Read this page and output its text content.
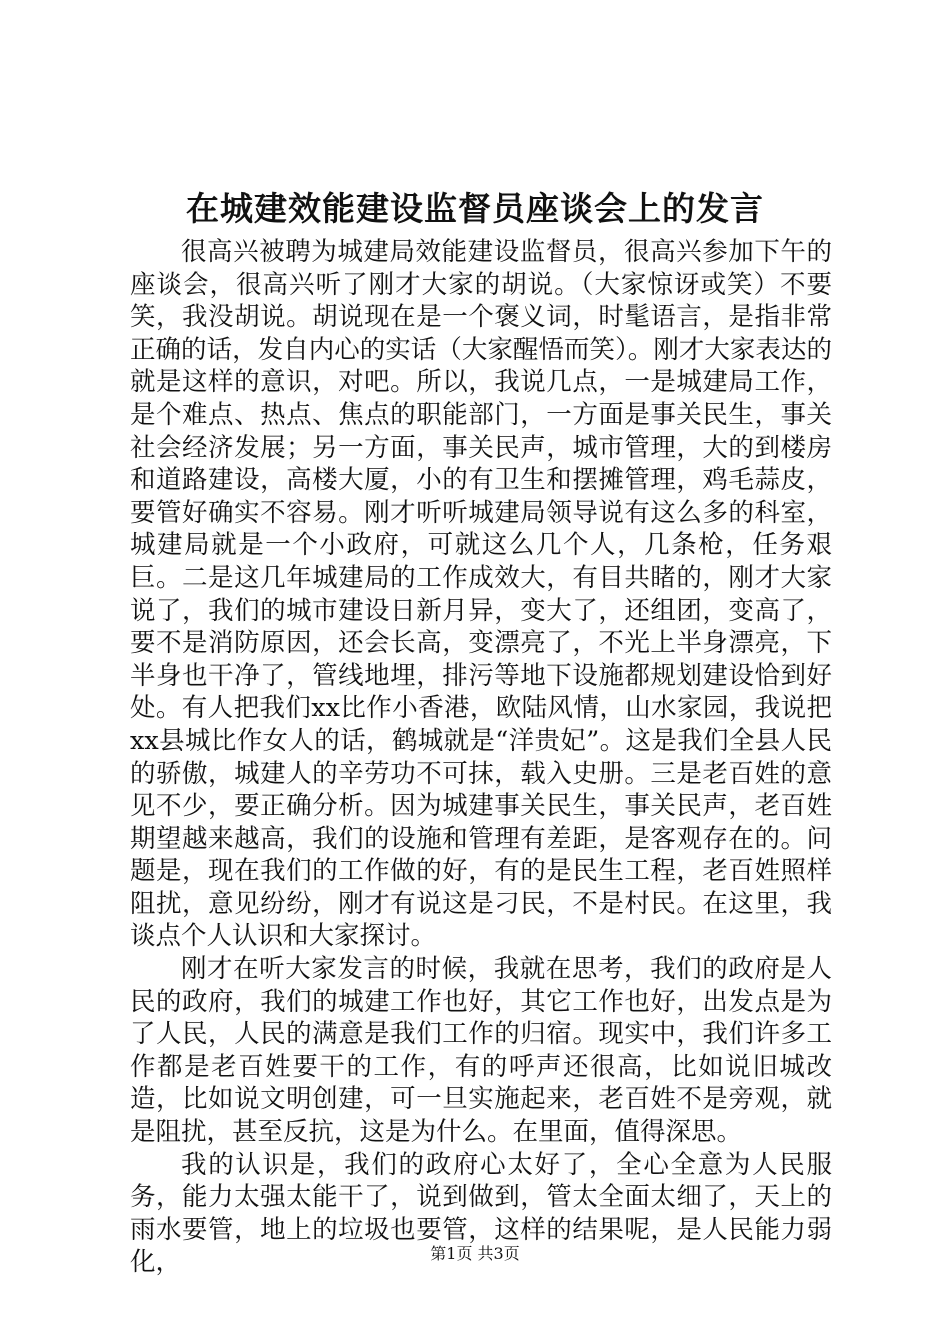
在城建效能建设监督员座谈会上的发言

很高兴被聘为城建局效能建设监督员，很高兴参加下午的座谈会，很高兴听了刚才大家的胡说。（大家惊讶或笑）不要笑，我没胡说。胡说现在是一个褒义词，时髦语言，是指非常正确的话，发自内心的实话（大家醒悟而笑）。刚才大家表达的就是这样的意识，对吧。所以，我说几点，一是城建局工作，是个难点、热点、焦点的职能部门，一方面是事关民生，事关社会经济发展；另一方面，事关民声，城市管理，大的到楼房和道路建设，高楼大厦，小的有卫生和摆摊管理，鸡毛蒜皮，要管好确实不容易。刚才听听城建局领导说有这么多的科室，城建局就是一个小政府，可就这么几个人，几条枪，任务艰巨。二是这几年城建局的工作成效大，有目共睹的，刚才大家说了，我们的城市建设日新月异，变大了，还组团，变高了，要不是消防原因，还会长高，变漂亮了，不光上半身漂亮，下半身也干净了，管线地埋，排污等地下设施都规划建设恰到好处。有人把我们xx比作小香港，欧陆风情，山水家园，我说把xx县城比作女人的话，鹤城就是“洋贵妃”。这是我们全县人民的骄傲，城建人的辛劳功不可抹，载入史册。三是老百姓的意见不少，要正确分析。因为城建事关民生，事关民声，老百姓期望越来越高，我们的设施和管理有差距，是客观存在的。问题是，现在我们的工作做的好，有的是民生工程，老百姓照样阻扰，意见纷纷，刚才有说这是刁民，不是村民。在这里，我谈点个人认识和大家探讨。

刚才在听大家发言的时候，我就在思考，我们的政府是人民的政府，我们的城建工作也好，其它工作也好，出发点是为了人民，人民的满意是我们工作的归宿。现实中，我们许多工作都是老百姓要干的工作，有的呼声还很高，比如说旧城改造，比如说文明创建，可一旦实施起来，老百姓不是旁观，就是阻扰，甚至反抗，这是为什么。在里面，值得深思。

我的认识是，我们的政府心太好了，全心全意为人民服务，能力太强太能干了，说到做到，管太全面太细了，天上的雨水要管，地上的垃圾也要管，这样的结果呢，是人民能力弱化，	第1页 共3页
